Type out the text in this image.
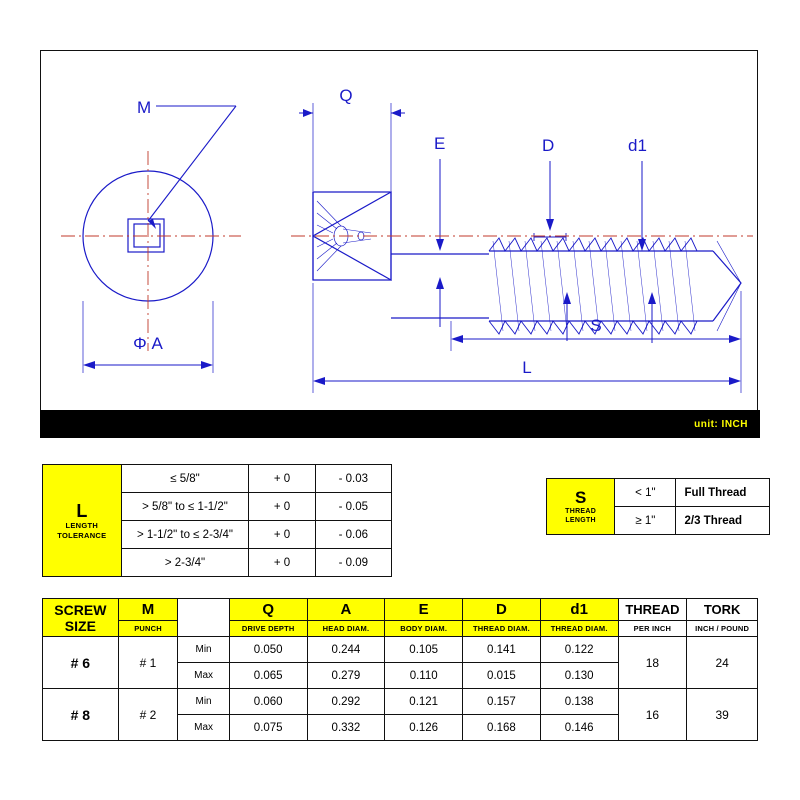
M
Q
E	D	d1
Φ A
S
L
unit: INCH
L
LENGTH
TOLERANCE	≤ 5/8"	+ 0	- 0.03
	> 5/8" to ≤ 1-1/2"	+ 0	- 0.05
	> 1-1/2" to ≤ 2-3/4"	+ 0	- 0.06
	> 2-3/4"	+ 0	- 0.09
S
THREAD
LENGTH	< 1"	Full Thread
	≥ 1"	2/3 Thread
SCREW
SIZE	M		Q	A	E	D	d1	THREAD	TORK
	PUNCH		DRIVE DEPTH	HEAD DIAM.	BODY DIAM.	THREAD DIAM.	THREAD DIAM.	PER INCH	INCH / POUND
# 6	# 1	Min	0.050	0.244	0.105	0.141	0.122	18	24
		Max	0.065	0.279	0.110	0.015	0.130		
# 8	# 2	Min	0.060	0.292	0.121	0.157	0.138	16	39
		Max	0.075	0.332	0.126	0.168	0.146		
